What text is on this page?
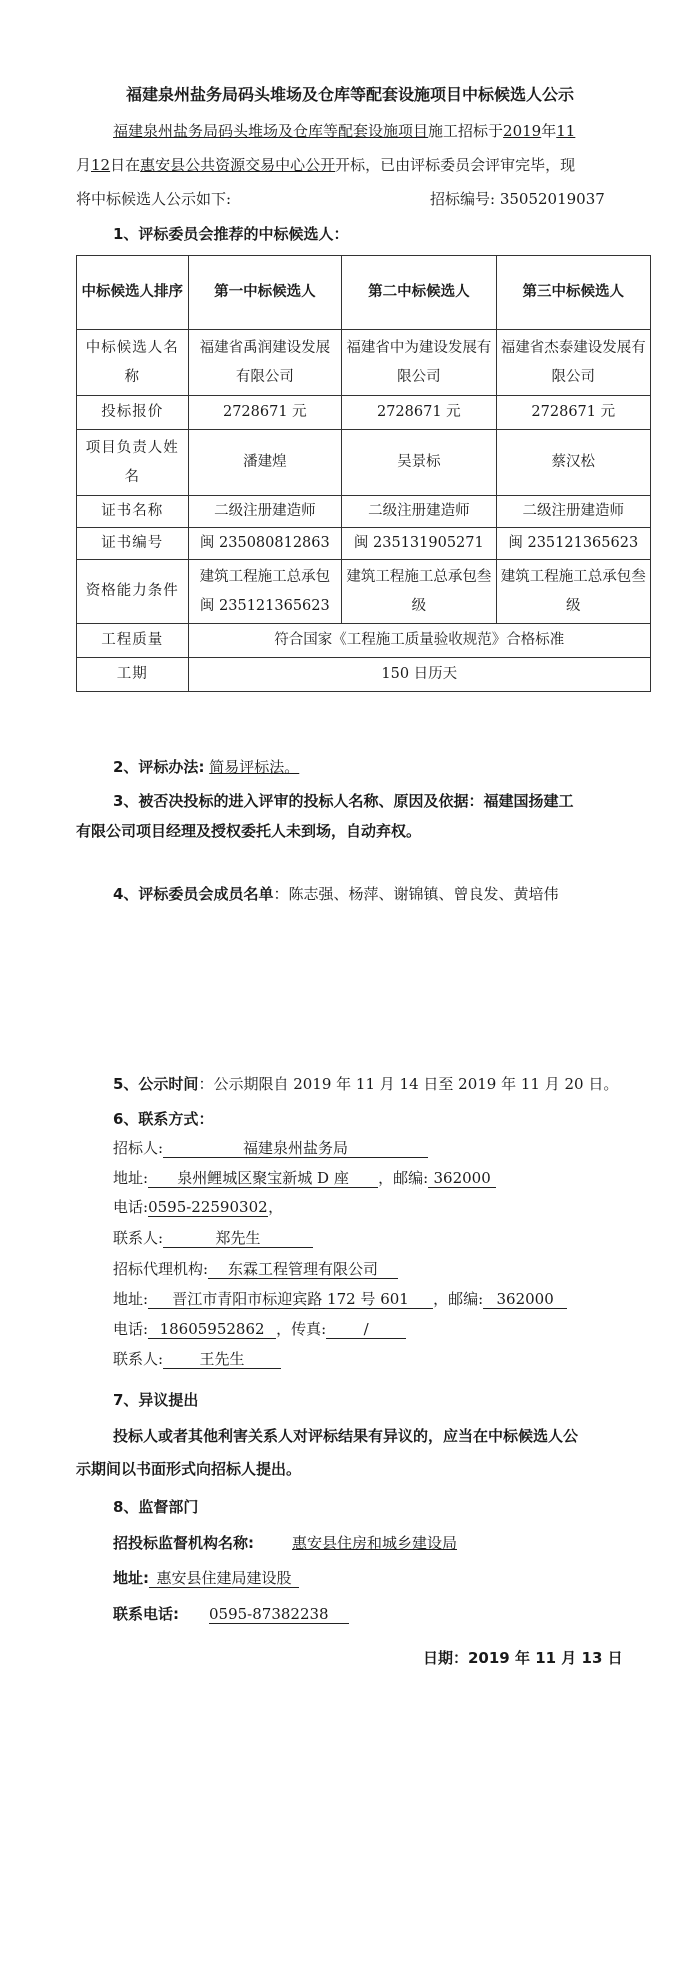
福建泉州盐务局码头堆场及仓库等配套设施项目中标候选人公示
福建泉州盐务局码头堆场及仓库等配套设施项目施工招标于2019年11
月12日在惠安县公共资源交易中心公开开标，已由评标委员会评审完毕，现
将中标候选人公示如下:	招标编号: 35052019037
1、评标委员会推荐的中标候选人：
中标候选人排序	第一中标候选人	第二中标候选人	第三中标候选人
中标候选人名称	福建省禹润建设发展有限公司	福建省中为建设发展有限公司	福建省杰泰建设发展有限公司
投标报价	2728671 元	2728671 元	2728671 元
项目负责人姓名	潘建煌	吴景标	蔡汉松
证书名称	二级注册建造师	二级注册建造师	二级注册建造师
证书编号	闽 235080812863	闽 235131905271	闽 235121365623
资格能力条件	建筑工程施工总承包闽 235121365623	建筑工程施工总承包叁级	建筑工程施工总承包叁级
工程质量	符合国家《工程施工质量验收规范》合格标准		
工期	150 日历天		
2、评标办法: 简易评标法。
3、被否决投标的进入评审的投标人名称、原因及依据：福建国扬建工
有限公司项目经理及授权委托人未到场，自动弃权。
4、评标委员会成员名单：陈志强、杨萍、谢锦镇、曾良发、黄培伟
5、公示时间：公示期限自 2019 年 11 月 14 日至 2019 年 11 月 20 日。
6、联系方式：
招标人:	福建泉州盐务局
地址: 泉州鲤城区聚宝新城 D 座 ，邮编: 362000
电话:0595-22590302，
联系人:	郑先生
招标代理机构: 东霖工程管理有限公司
地址: 晋江市青阳市标迎宾路 172 号 601 ，邮编: 362000
电话: 18605952862 ，传真: /
联系人: 王先生
7、异议提出
投标人或者其他利害关系人对评标结果有异议的，应当在中标候选人公
示期间以书面形式向招标人提出。
8、监督部门
招投标监督机构名称:	惠安县住房和城乡建设局
地址: 惠安县住建局建设股
联系电话: 0595-87382238
日期：2019 年 11 月 13 日
